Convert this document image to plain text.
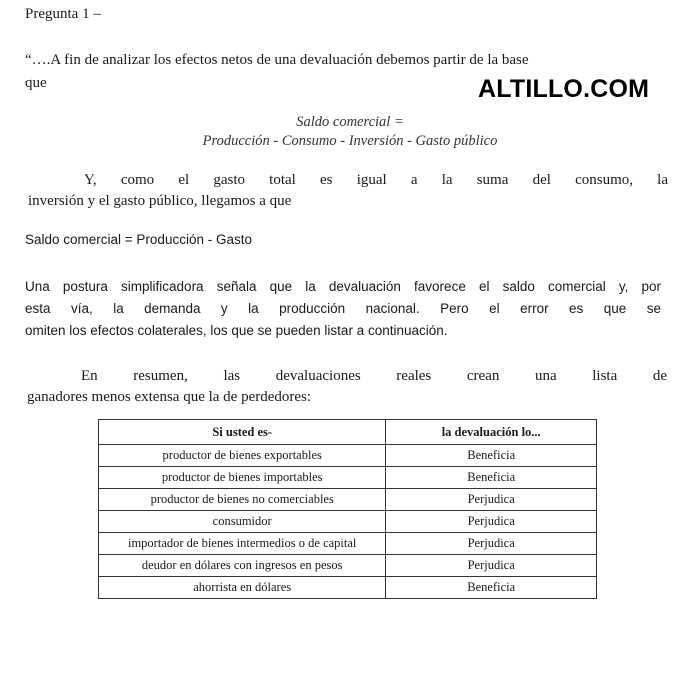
Pregunta 1 –
“….A fin de analizar los efectos netos de una devaluación debemos partir de la base
que	ALTILLO.COM
Saldo comercial =
Producción - Consumo - Inversión - Gasto público
Y, como el gasto total es igual a la suma del consumo, la
inversión y el gasto público, llegamos a que
Saldo comercial = Producción - Gasto
Una postura simplificadora señala que la devaluación favorece el saldo comercial y, por
esta vía, la demanda y la producción nacional. Pero el error es que se
omiten los efectos colaterales, los que se pueden listar a continuación.
En resumen, las devaluaciones reales crean una lista de
ganadores menos extensa que la de perdedores:
Si usted es-	la devaluación lo...
productor de bienes exportables	Beneficia
productor de bienes importables	Beneficia
productor de bienes no comerciables	Perjudica
consumidor	Perjudica
importador de bienes intermedios o de capital	Perjudica
deudor en dólares con ingresos en pesos	Perjudica
ahorrista en dólares	Beneficia
